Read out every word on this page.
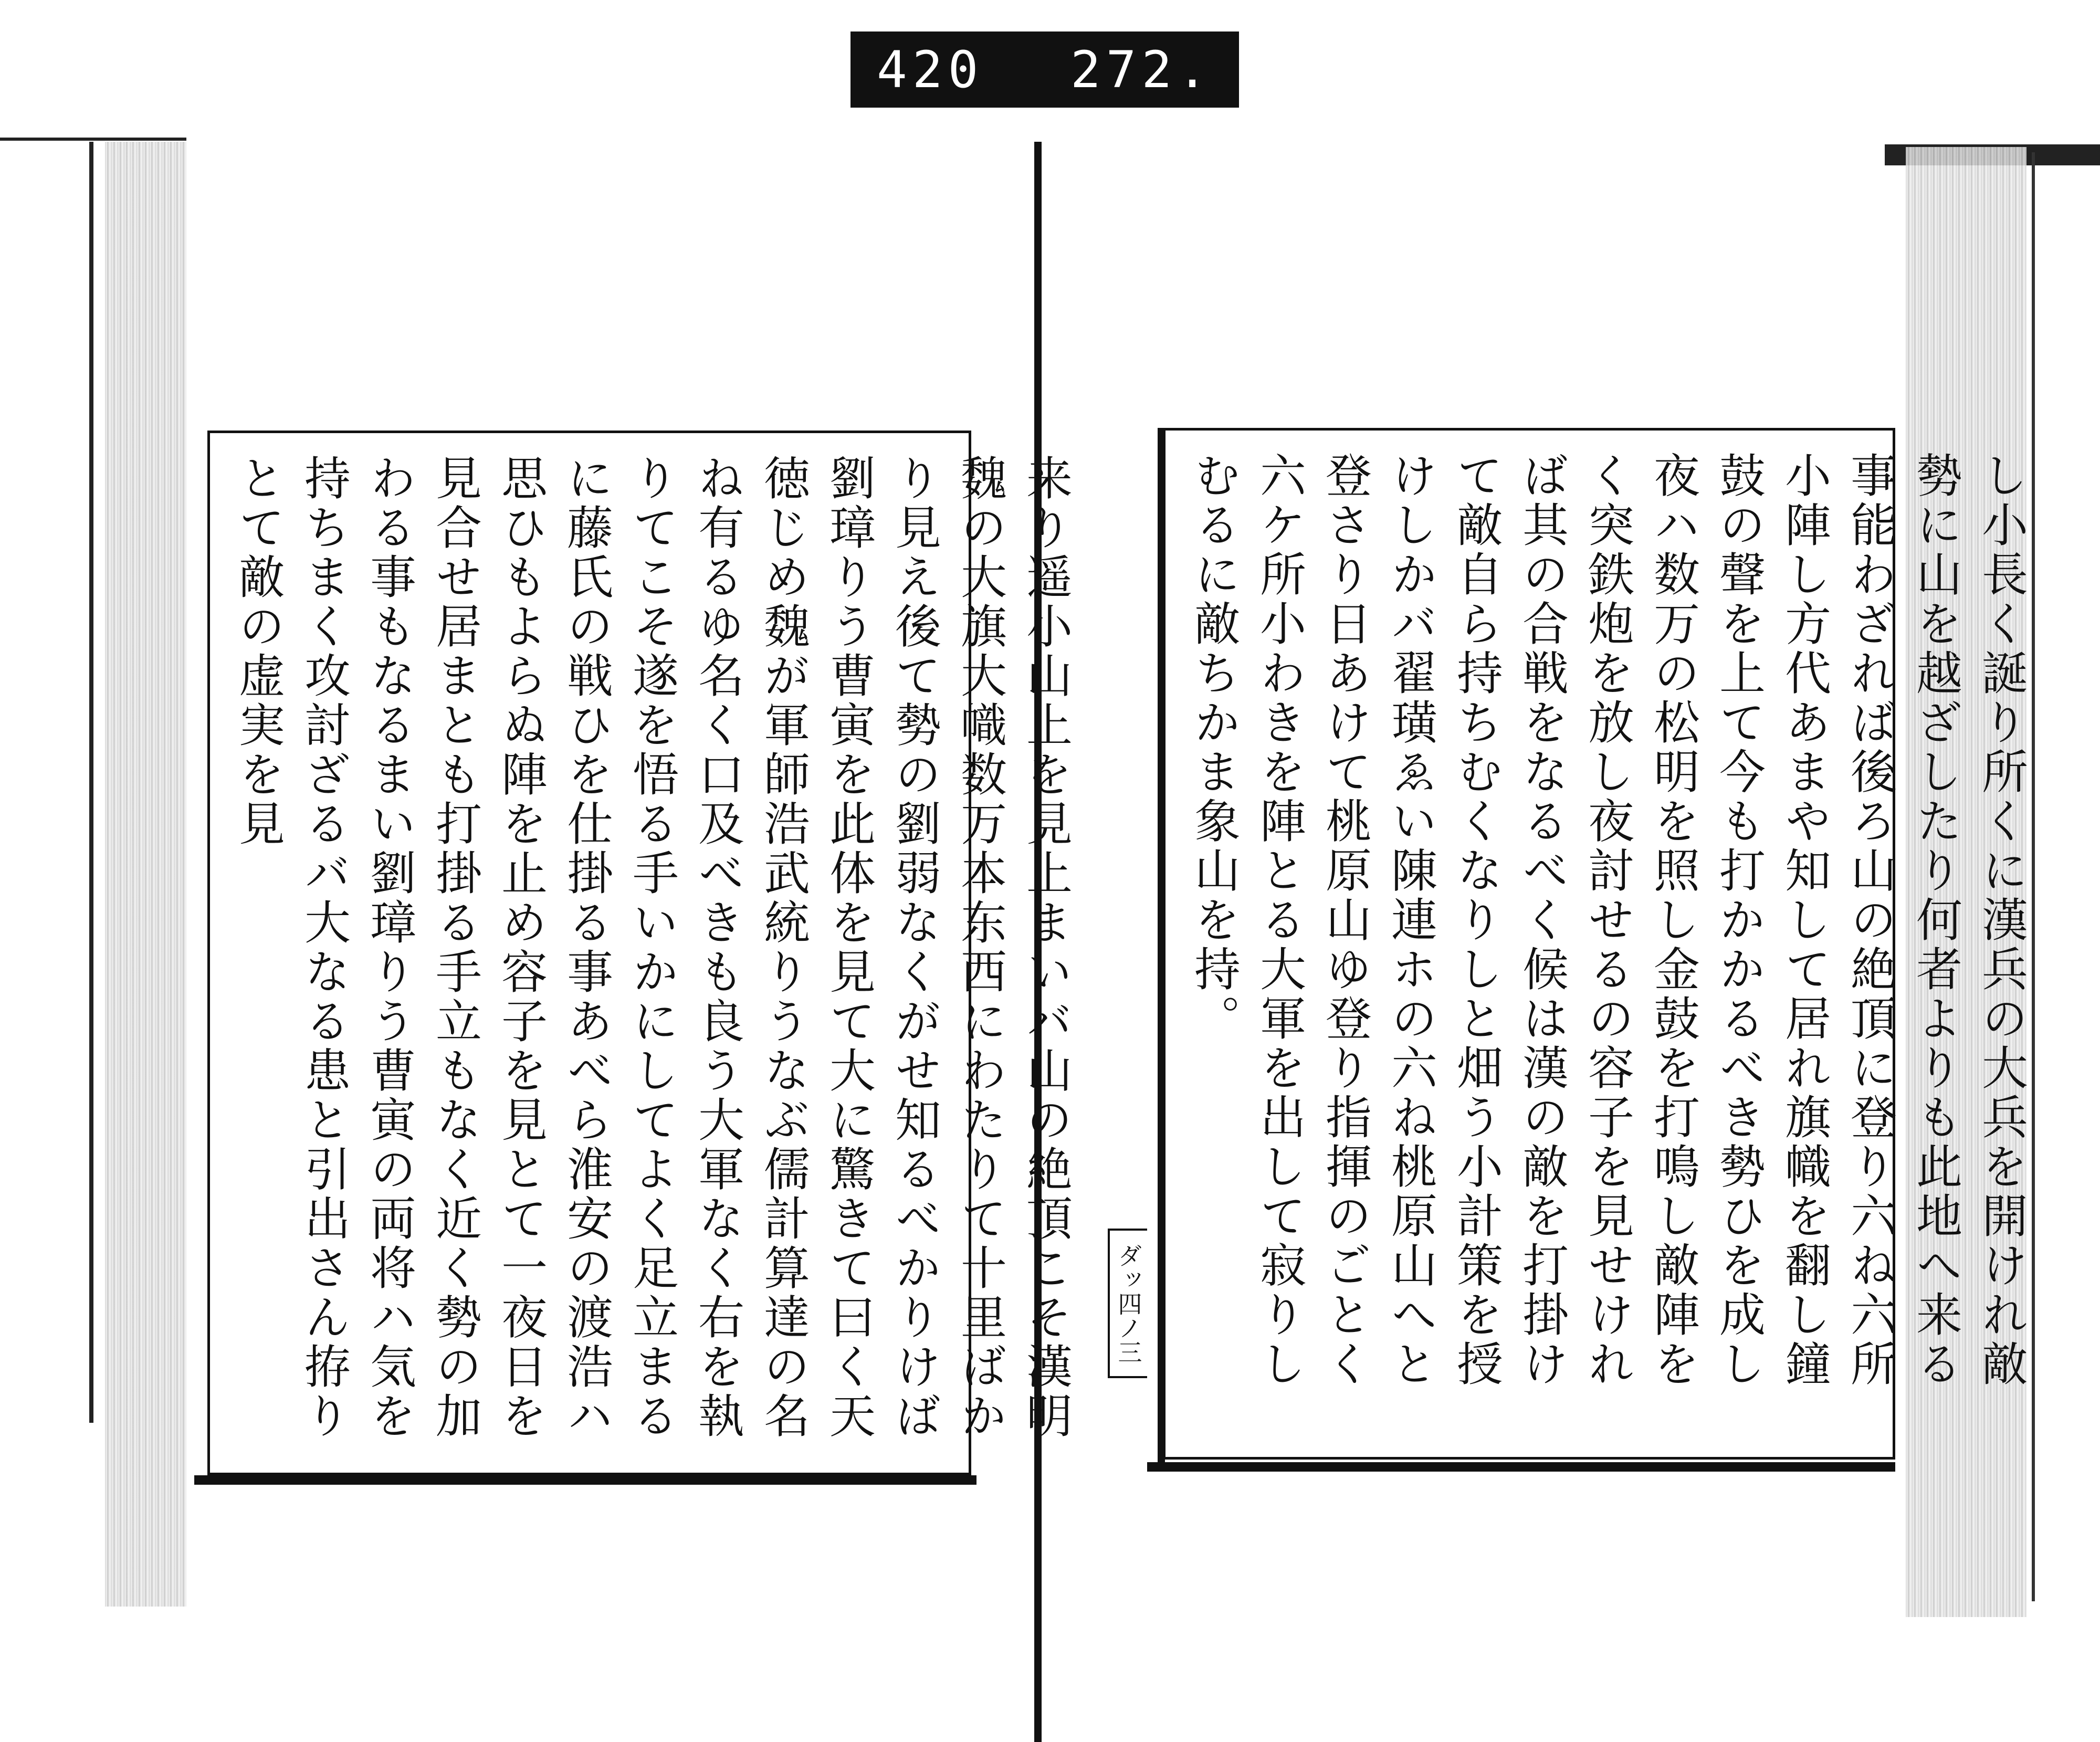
420 272.
来り遥小山上を見上まいバ山の絶頂こそ漢明魏の大旗大幟数万本东西にわたりて十里ばかり見え後て勢の劉弱なくがせ知るべかりけば劉璋りう曹寅を此体を見て大に驚きて曰く天徳じめ魏が軍師浩武統りうなぶ儒計算達の名ね有るゆ名く口及べきも良う大軍なく右を執りてこそ遂を悟る手いかにしてよく足立まるに藤氏の戦ひを仕掛る事あべら淮安の渡浩ハ思ひもよらぬ陣を止め容子を見とて一夜日を見合せ居まとも打掛る手立もなく近く勢の加わる事もなるまい劉璋りう曹寅の両将ハ気を持ちまく攻討ざるバ大なる患と引出さん拵りとて敵の虚実を見	し小長く誕り所くに漢兵の大兵を開けれ敵勢に山を越ざしたり何者よりも此地へ来る事能わざれば後ろ山の絶頂に登り六ね六所小陣し方代あまや知して居れ旗幟を翻し鐘鼓の聲を上て今も打かかるべき勢ひを成し夜ハ数万の松明を照し金鼓を打鳴し敵陣をく突鉄炮を放し夜討せるの容子を見せければ其の合戦をなるべく候は漢の敵を打掛けて敵自ら持ちむくなりしと畑う小計策を授けしかバ翟璜ゑい陳連ホの六ね桃原山へと登さり日あけて桃原山ゆ登り指揮のごとく六ケ所小わきを陣とる大軍を出して寂りしむるに敵ちかま象山を持。
ダッ四ノ三
